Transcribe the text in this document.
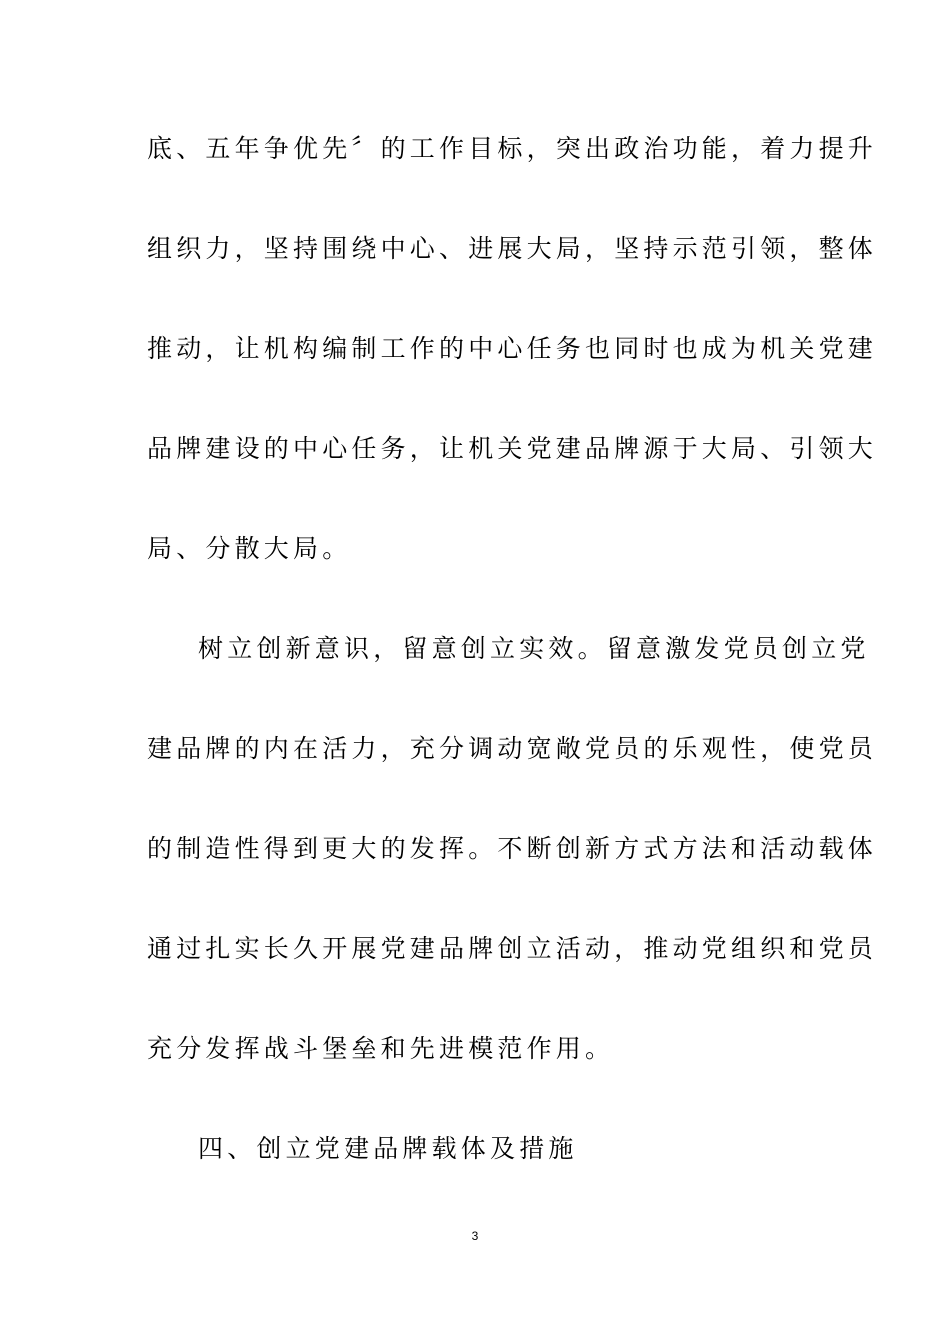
底、五年争优先〞的工作目标，突出政治功能，着力提升

组织力，坚持围绕中心、进展大局，坚持示范引领，整体

推动，让机构编制工作的中心任务也同时也成为机关党建

品牌建设的中心任务，让机关党建品牌源于大局、引领大

局、分散大局。

树立创新意识，留意创立实效。留意激发党员创立党

建品牌的内在活力，充分调动宽敞党员的乐观性，使党员

的制造性得到更大的发挥。不断创新方式方法和活动载体

通过扎实长久开展党建品牌创立活动，推动党组织和党员

充分发挥战斗堡垒和先进模范作用。

四、创立党建品牌载体及措施

3
